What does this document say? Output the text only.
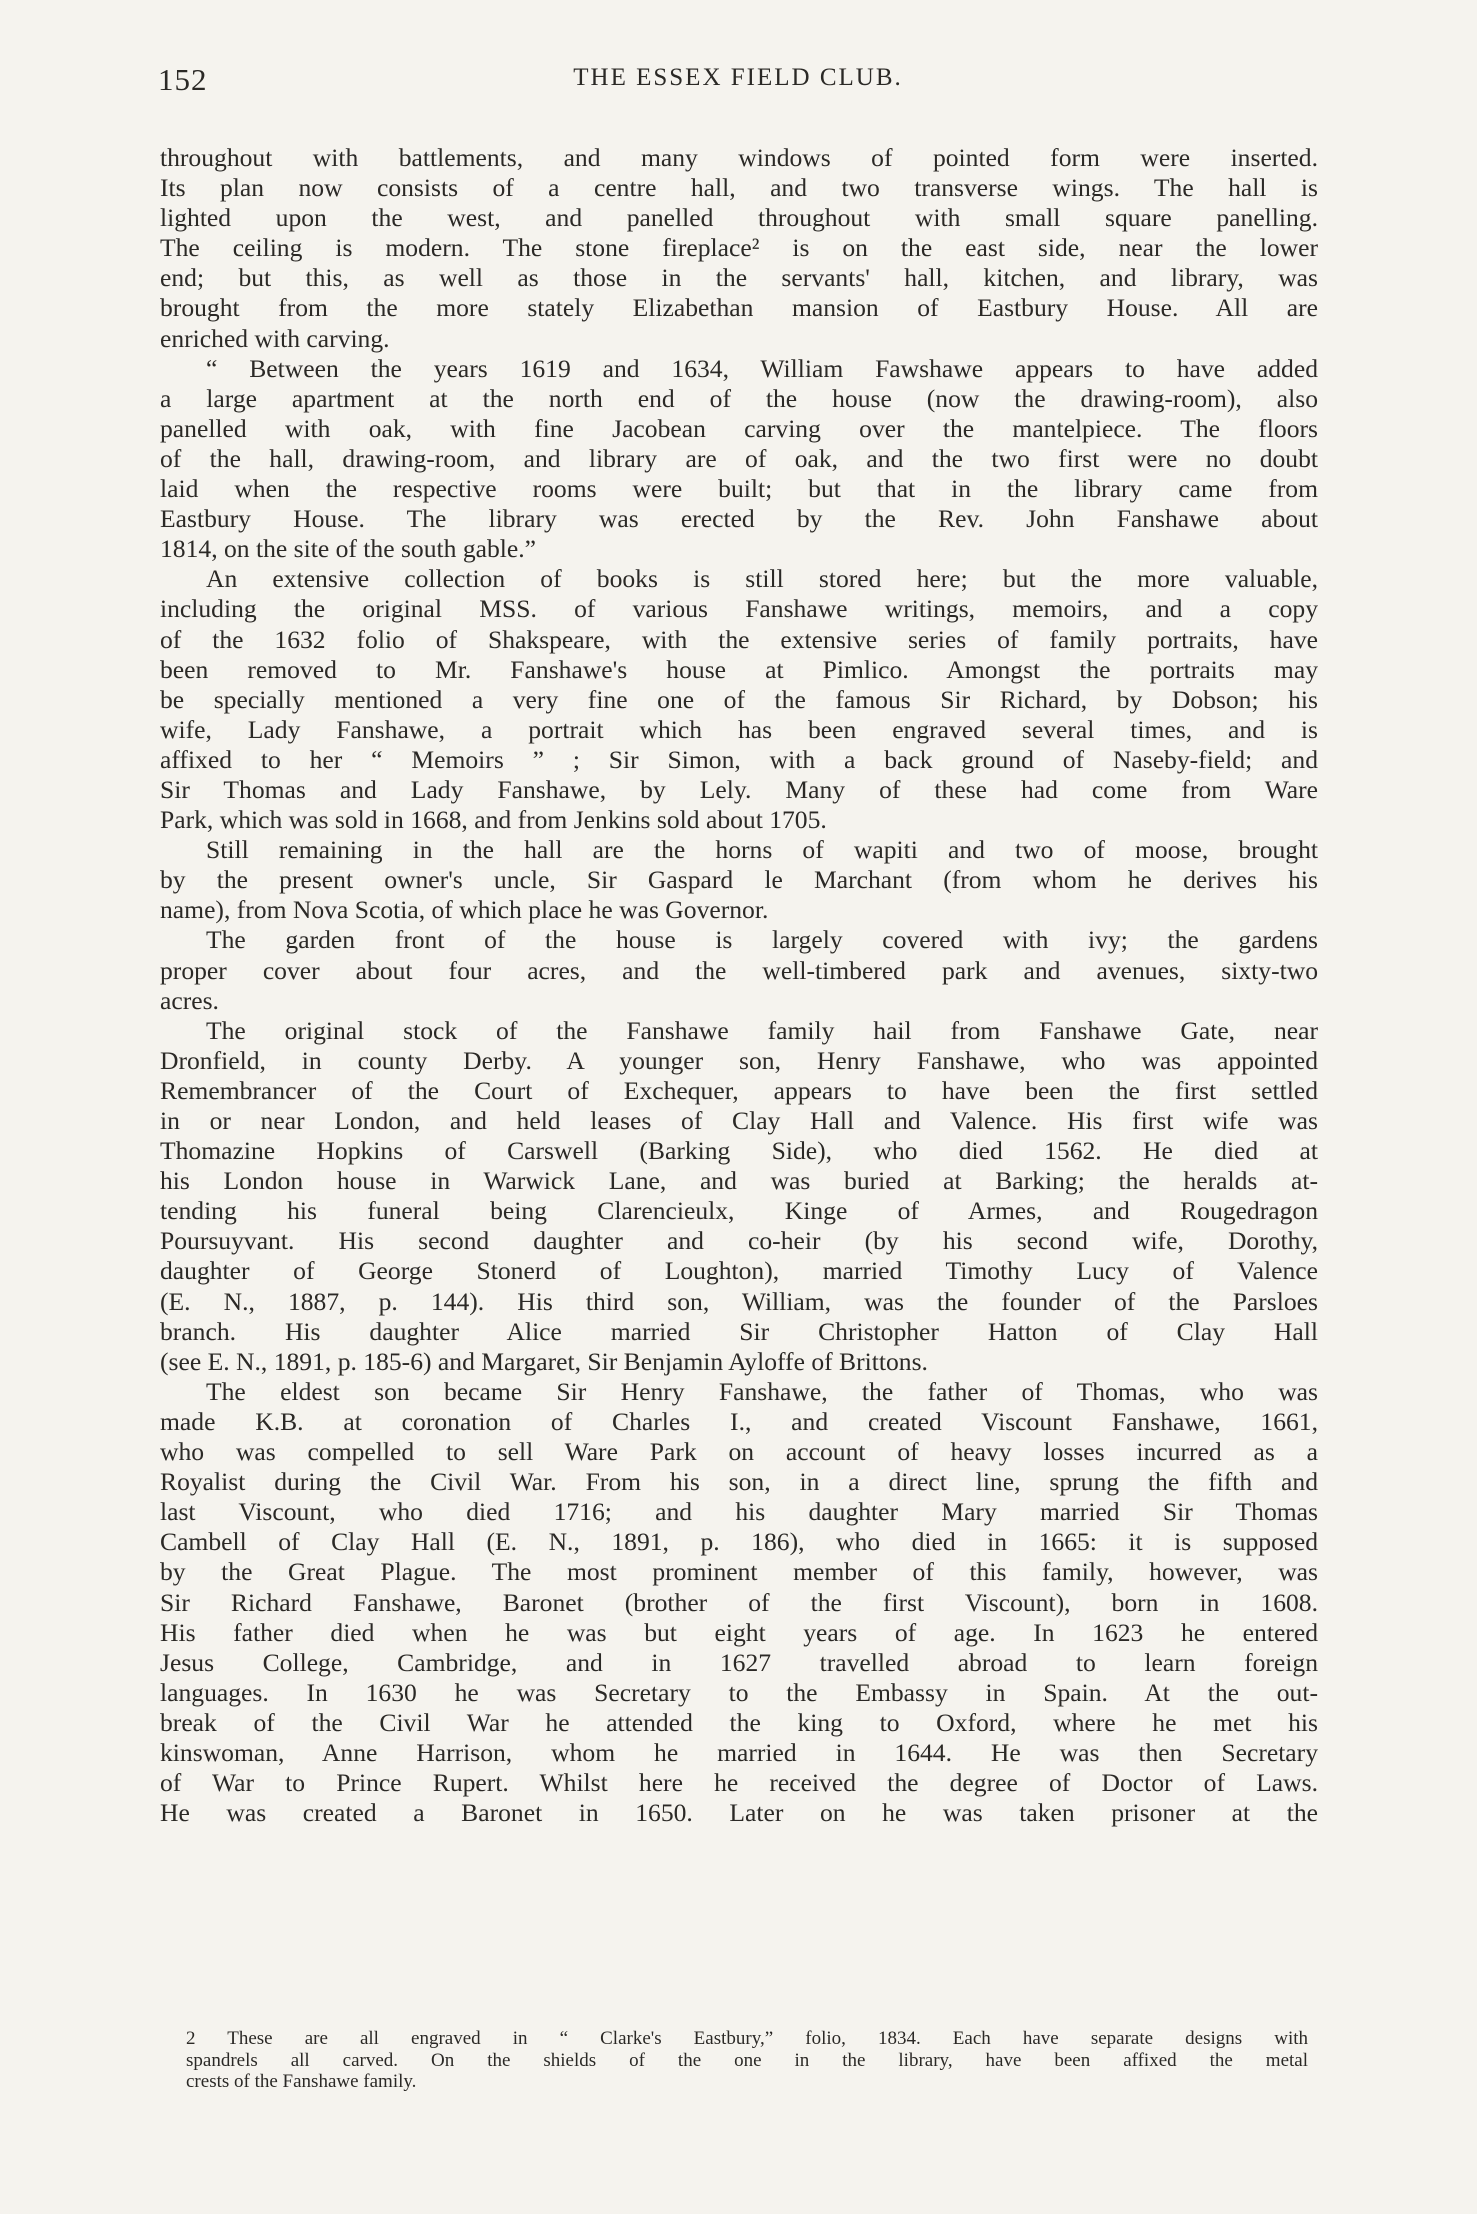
152	THE ESSEX FIELD CLUB.
throughout with battlements, and many windows of pointed form were inserted.
Its plan now consists of a centre hall, and two transverse wings. The hall is
lighted upon the west, and panelled throughout with small square panelling.
The ceiling is modern. The stone fireplace² is on the east side, near the lower
end; but this, as well as those in the servants' hall, kitchen, and library, was
brought from the more stately Elizabethan mansion of Eastbury House. All are
enriched with carving.
“ Between the years 1619 and 1634, William Fawshawe appears to have added
a large apartment at the north end of the house (now the drawing-room), also
panelled with oak, with fine Jacobean carving over the mantelpiece. The floors
of the hall, drawing-room, and library are of oak, and the two first were no doubt
laid when the respective rooms were built; but that in the library came from
Eastbury House. The library was erected by the Rev. John Fanshawe about
1814, on the site of the south gable.”
An extensive collection of books is still stored here; but the more valuable,
including the original MSS. of various Fanshawe writings, memoirs, and a copy
of the 1632 folio of Shakspeare, with the extensive series of family portraits, have
been removed to Mr. Fanshawe's house at Pimlico. Amongst the portraits may
be specially mentioned a very fine one of the famous Sir Richard, by Dobson; his
wife, Lady Fanshawe, a portrait which has been engraved several times, and is
affixed to her “ Memoirs ” ; Sir Simon, with a back ground of Naseby-field; and
Sir Thomas and Lady Fanshawe, by Lely. Many of these had come from Ware
Park, which was sold in 1668, and from Jenkins sold about 1705.
Still remaining in the hall are the horns of wapiti and two of moose, brought
by the present owner's uncle, Sir Gaspard le Marchant (from whom he derives his
name), from Nova Scotia, of which place he was Governor.
The garden front of the house is largely covered with ivy; the gardens
proper cover about four acres, and the well-timbered park and avenues, sixty-two
acres.
The original stock of the Fanshawe family hail from Fanshawe Gate, near
Dronfield, in county Derby. A younger son, Henry Fanshawe, who was appointed
Remembrancer of the Court of Exchequer, appears to have been the first settled
in or near London, and held leases of Clay Hall and Valence. His first wife was
Thomazine Hopkins of Carswell (Barking Side), who died 1562. He died at
his London house in Warwick Lane, and was buried at Barking; the heralds at-
tending his funeral being Clarencieulx, Kinge of Armes, and Rougedragon
Poursuyvant. His second daughter and co-heir (by his second wife, Dorothy,
daughter of George Stonerd of Loughton), married Timothy Lucy of Valence
(E. N., 1887, p. 144). His third son, William, was the founder of the Parsloes
branch. His daughter Alice married Sir Christopher Hatton of Clay Hall
(see E. N., 1891, p. 185-6) and Margaret, Sir Benjamin Ayloffe of Brittons.
The eldest son became Sir Henry Fanshawe, the father of Thomas, who was
made K.B. at coronation of Charles I., and created Viscount Fanshawe, 1661,
who was compelled to sell Ware Park on account of heavy losses incurred as a
Royalist during the Civil War. From his son, in a direct line, sprung the fifth and
last Viscount, who died 1716; and his daughter Mary married Sir Thomas
Cambell of Clay Hall (E. N., 1891, p. 186), who died in 1665: it is supposed
by the Great Plague. The most prominent member of this family, however, was
Sir Richard Fanshawe, Baronet (brother of the first Viscount), born in 1608.
His father died when he was but eight years of age. In 1623 he entered
Jesus College, Cambridge, and in 1627 travelled abroad to learn foreign
languages. In 1630 he was Secretary to the Embassy in Spain. At the out-
break of the Civil War he attended the king to Oxford, where he met his
kinswoman, Anne Harrison, whom he married in 1644. He was then Secretary
of War to Prince Rupert. Whilst here he received the degree of Doctor of Laws.
He was created a Baronet in 1650. Later on he was taken prisoner at the
2 These are all engraved in “ Clarke's Eastbury,” folio, 1834. Each have separate designs with
spandrels all carved. On the shields of the one in the library, have been affixed the metal
crests of the Fanshawe family.
